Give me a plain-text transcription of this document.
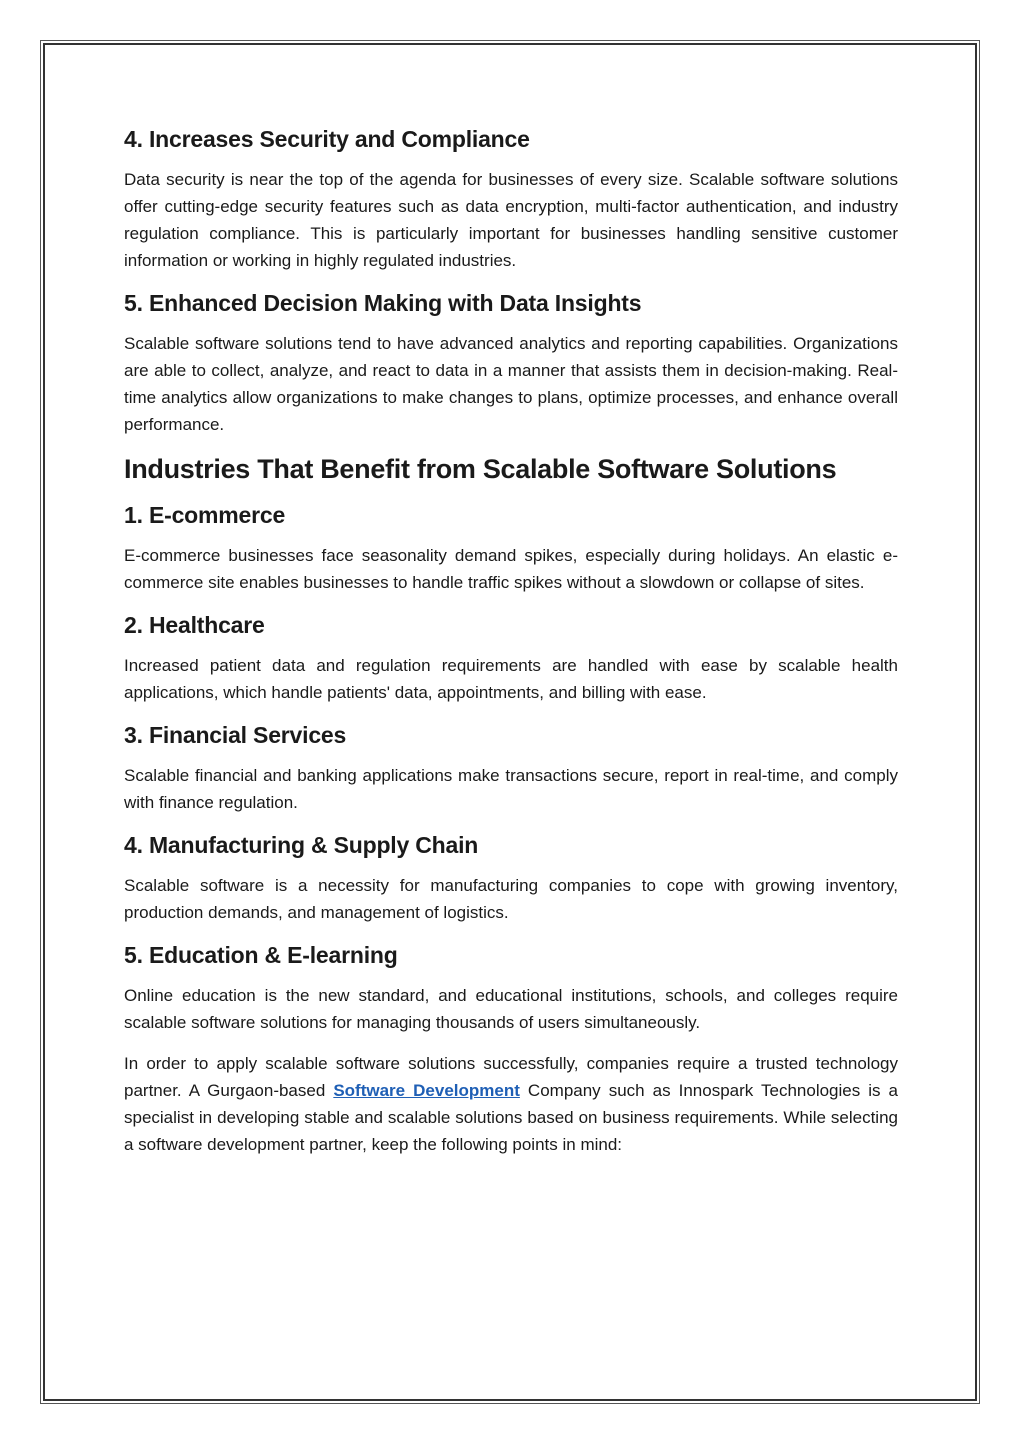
4. Increases Security and Compliance

Data security is near the top of the agenda for businesses of every size. Scalable software solutions offer cutting-edge security features such as data encryption, multi-factor authentication, and industry regulation compliance. This is particularly important for businesses handling sensitive customer information or working in highly regulated industries.

5. Enhanced Decision Making with Data Insights

Scalable software solutions tend to have advanced analytics and reporting capabilities. Organizations are able to collect, analyze, and react to data in a manner that assists them in decision-making. Real-time analytics allow organizations to make changes to plans, optimize processes, and enhance overall performance.

Industries That Benefit from Scalable Software Solutions
1. E-commerce

E-commerce businesses face seasonality demand spikes, especially during holidays. An elastic e-commerce site enables businesses to handle traffic spikes without a slowdown or collapse of sites.

2. Healthcare

Increased patient data and regulation requirements are handled with ease by scalable health applications, which handle patients' data, appointments, and billing with ease.

3. Financial Services

Scalable financial and banking applications make transactions secure, report in real-time, and comply with finance regulation.

4. Manufacturing & Supply Chain

Scalable software is a necessity for manufacturing companies to cope with growing inventory, production demands, and management of logistics.

5. Education & E-learning

Online education is the new standard, and educational institutions, schools, and colleges require scalable software solutions for managing thousands of users simultaneously.

In order to apply scalable software solutions successfully, companies require a trusted technology partner. A Gurgaon-based Software Development Company such as Innospark Technologies is a specialist in developing stable and scalable solutions based on business requirements. While selecting a software development partner, keep the following points in mind:
